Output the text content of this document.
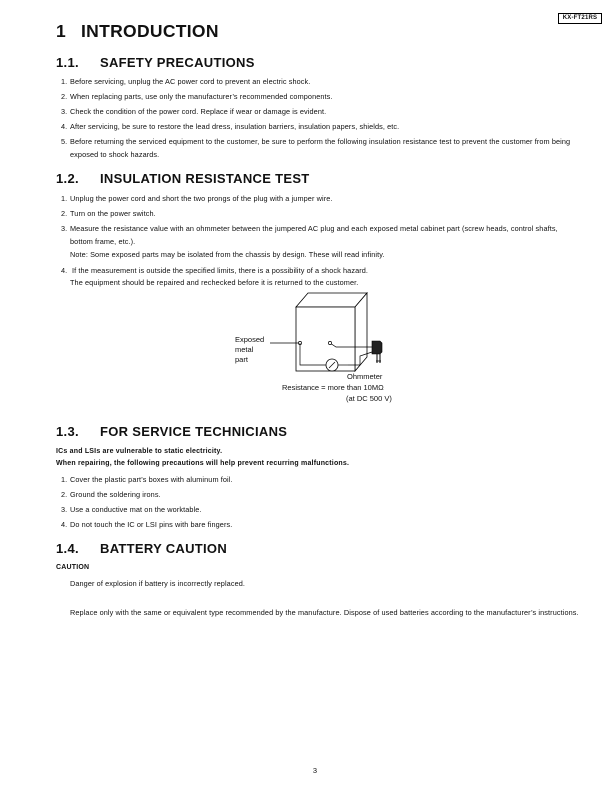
KX-FT21RS
1 INTRODUCTION
1.1. SAFETY PRECAUTIONS
1. Before servicing, unplug the AC power cord to prevent an electric shock.
2. When replacing parts, use only the manufacturer’s recommended components.
3. Check the condition of the power cord. Replace if wear or damage is evident.
4. After servicing, be sure to restore the lead dress, insulation barriers, insulation papers, shields, etc.
5. Before returning the serviced equipment to the customer, be sure to perform the following insulation resistance test to prevent the customer from being exposed to shock hazards.
1.2. INSULATION RESISTANCE TEST
1. Unplug the power cord and short the two prongs of the plug with a jumper wire.
2. Turn on the power switch.
3. Measure the resistance value with an ohmmeter between the jumpered AC plug and each exposed metal cabinet part (screw heads, control shafts, bottom frame, etc.).
Note: Some exposed parts may be isolated from the chassis by design. These will read infinity.
4. If the measurement is outside the specified limits, there is a possibility of a shock hazard.
The equipment should be repaired and rechecked before it is returned to the customer.
Exposed
metal
part
Ohmmeter
Resistance = more than 10MΩ
(at DC 500 V)
1.3. FOR SERVICE TECHNICIANS
ICs and LSIs are vulnerable to static electricity.
When repairing, the following precautions will help prevent recurring malfunctions.
1. Cover the plastic part’s boxes with aluminum foil.
2. Ground the soldering irons.
3. Use a conductive mat on the worktable.
4. Do not touch the IC or LSI pins with bare fingers.
1.4. BATTERY CAUTION
CAUTION
Danger of explosion if battery is incorrectly replaced.
Replace only with the same or equivalent type recommended by the manufacture. Dispose of used batteries according to the manufacturer’s instructions.
3
